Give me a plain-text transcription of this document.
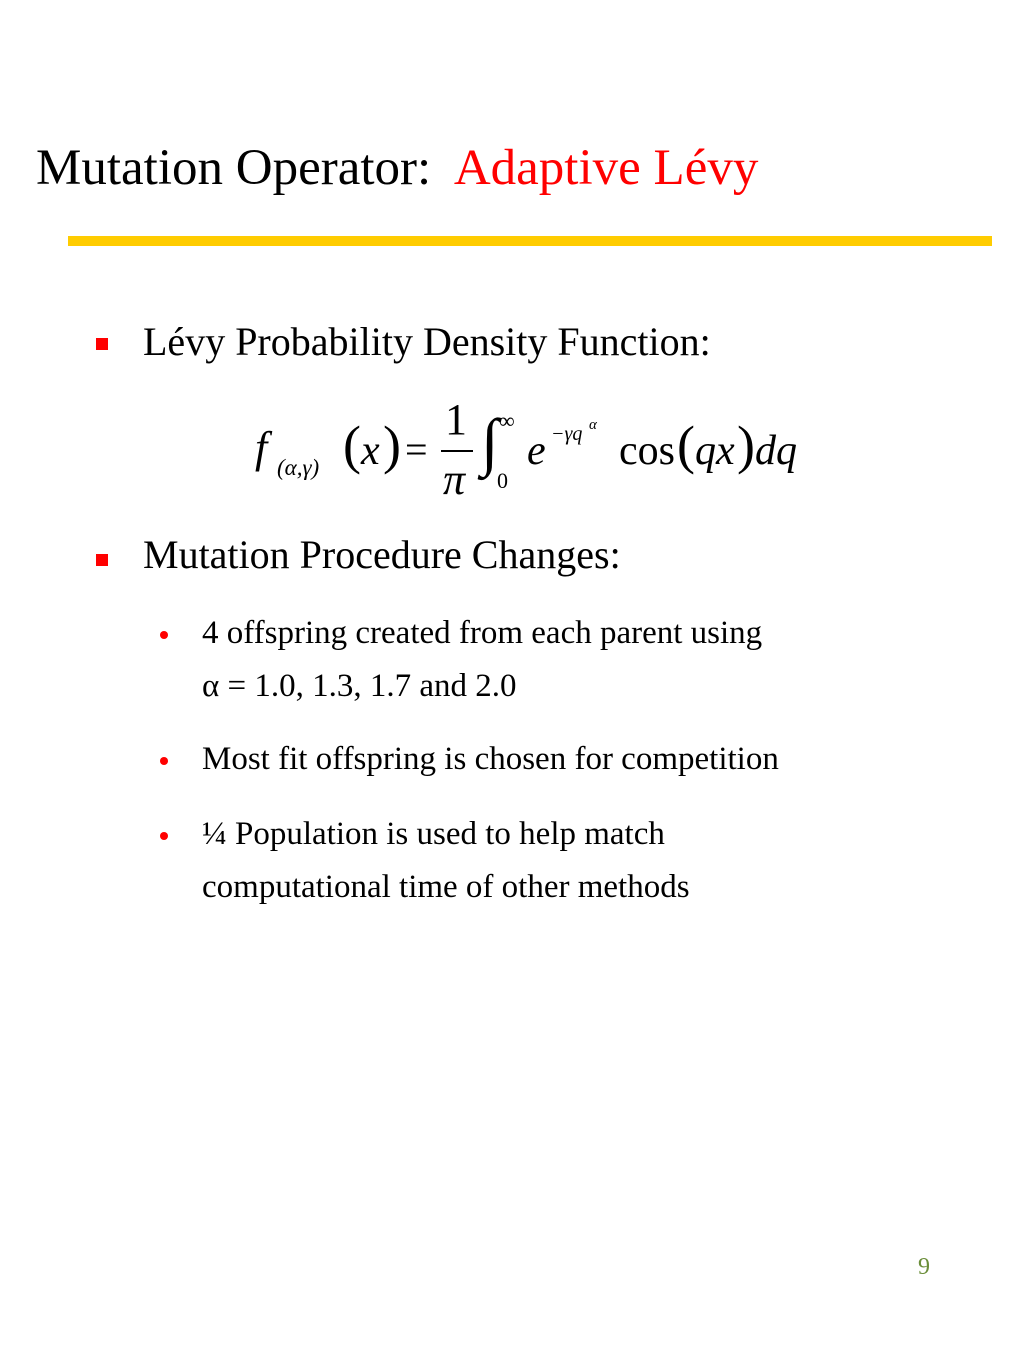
Mutation Operator: Adaptive Lévy
Lévy Probability Density Function:
f (α,γ) ( x ) =
1
π
∫ ∞
0
e −γq α
cos ( qx ) dq
Mutation Procedure Changes:
4 offspring created from each parent using
α = 1.0, 1.3, 1.7 and 2.0
Most fit offspring is chosen for competition
¼ Population is used to help match
computational time of other methods
9
